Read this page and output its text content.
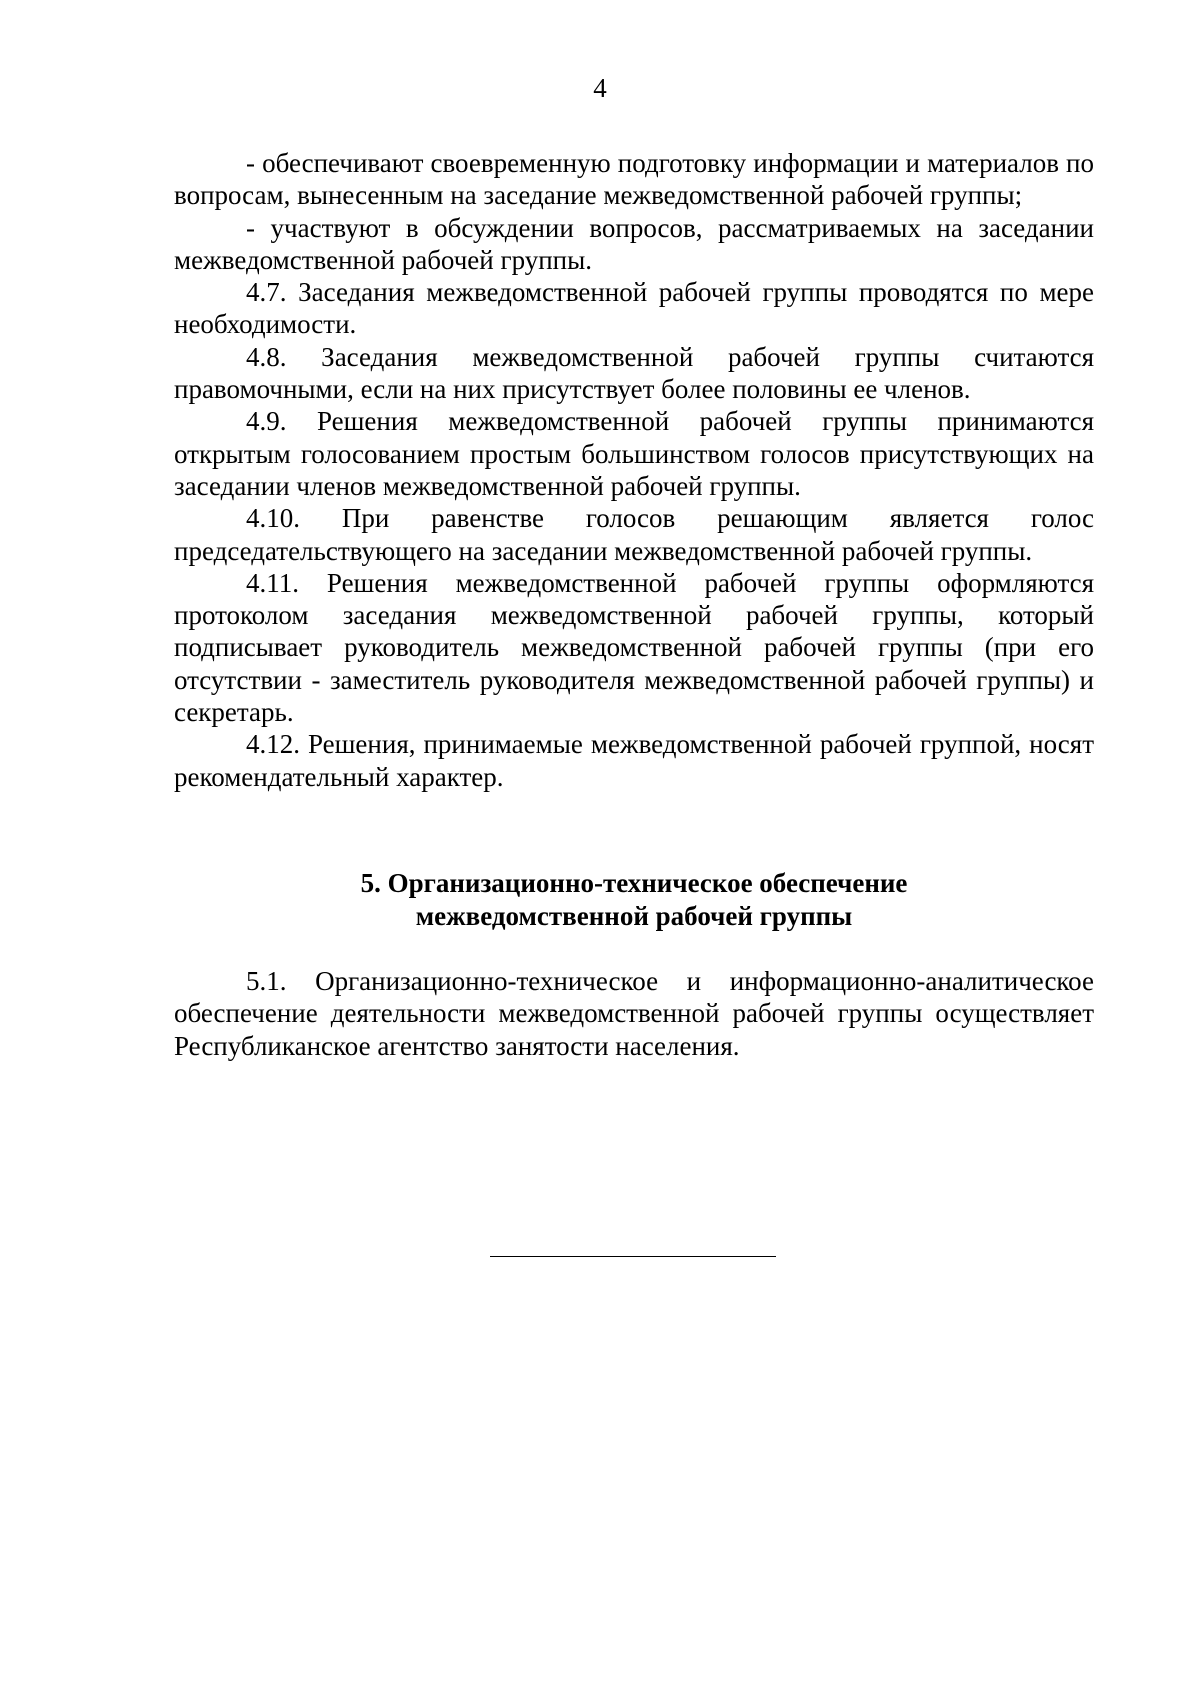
4

- обеспечивают своевременную подготовку информации и материалов по вопросам, вынесенным на заседание межведомственной рабочей группы;

- участвуют в обсуждении вопросов, рассматриваемых на заседании межведомственной рабочей группы.

4.7. Заседания межведомственной рабочей группы проводятся по мере необходимости.

4.8. Заседания межведомственной рабочей группы считаются правомочными, если на них присутствует более половины ее членов.

4.9. Решения межведомственной рабочей группы принимаются открытым голосованием простым большинством голосов присутствующих на заседании членов межведомственной рабочей группы.

4.10. При равенстве голосов решающим является голос председательствующего на заседании межведомственной рабочей группы.

4.11. Решения межведомственной рабочей группы оформляются протоколом заседания межведомственной рабочей группы, который подписывает руководитель межведомственной рабочей группы (при его отсутствии - заместитель руководителя межведомственной рабочей группы) и секретарь.

4.12. Решения, принимаемые межведомственной рабочей группой, носят рекомендательный характер.

5. Организационно-техническое обеспечение
межведомственной рабочей группы

5.1. Организационно-техническое и информационно-аналитическое обеспечение деятельности межведомственной рабочей группы осуществляет Республиканское агентство занятости населения.
